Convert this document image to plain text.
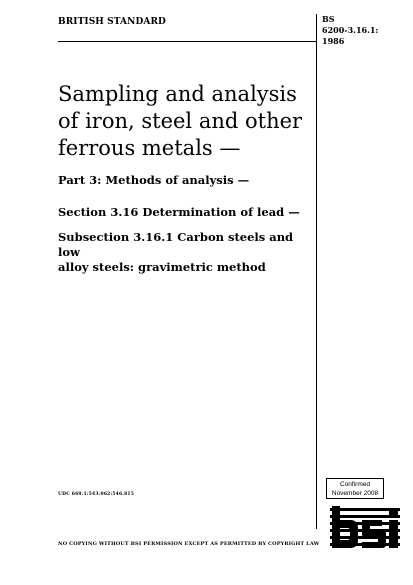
BRITISH STANDARD	BS
6200-3.16.1:
1986
Sampling and analysis
of iron, steel and other
ferrous metals —
Part 3: Methods of analysis —
Section 3.16 Determination of lead —
Subsection 3.16.1 Carbon steels and low
alloy steels: gravimetric method
UDC 669.1:543.062:546.815
Confirmed
November 2008
NO COPYING WITHOUT BSI PERMISSION EXCEPT AS PERMITTED BY COPYRIGHT LAW
